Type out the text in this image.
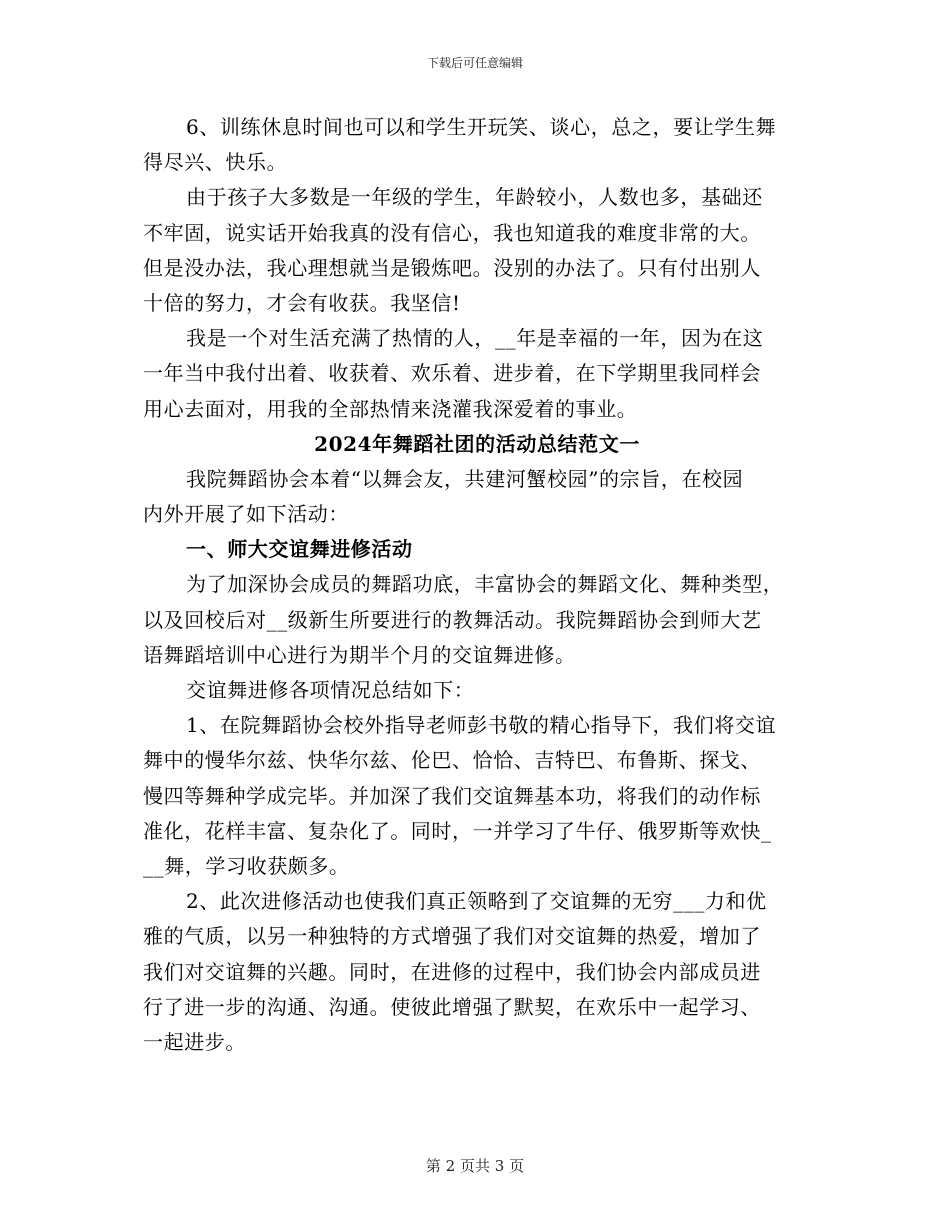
下载后可任意编辑
6、训练休息时间也可以和学生开玩笑、谈心，总之，要让学生舞
得尽兴、快乐。
由于孩子大多数是一年级的学生，年龄较小，人数也多，基础还
不牢固，说实话开始我真的没有信心，我也知道我的难度非常的大。
但是没办法，我心理想就当是锻炼吧。没别的办法了。只有付出别人
十倍的努力，才会有收获。我坚信!
我是一个对生活充满了热情的人，__年是幸福的一年，因为在这
一年当中我付出着、收获着、欢乐着、进步着，在下学期里我同样会
用心去面对，用我的全部热情来浇灌我深爱着的事业。
2024年舞蹈社团的活动总结范文一
我院舞蹈协会本着“以舞会友，共建河蟹校园”的宗旨，在校园
内外开展了如下活动：
一、师大交谊舞进修活动
为了加深协会成员的舞蹈功底，丰富协会的舞蹈文化、舞种类型，
以及回校后对__级新生所要进行的教舞活动。我院舞蹈协会到师大艺
语舞蹈培训中心进行为期半个月的交谊舞进修。
交谊舞进修各项情况总结如下：
1、在院舞蹈协会校外指导老师彭书敬的精心指导下，我们将交谊
舞中的慢华尔兹、快华尔兹、伦巴、恰恰、吉特巴、布鲁斯、探戈、
慢四等舞种学成完毕。并加深了我们交谊舞基本功，将我们的动作标
准化，花样丰富、复杂化了。同时，一并学习了牛仔、俄罗斯等欢快_
__舞，学习收获颇多。
2、此次进修活动也使我们真正领略到了交谊舞的无穷___力和优
雅的气质，以另一种独特的方式增强了我们对交谊舞的热爱，增加了
我们对交谊舞的兴趣。同时，在进修的过程中，我们协会内部成员进
行了进一步的沟通、沟通。使彼此增强了默契，在欢乐中一起学习、
一起进步。
第 2 页共 3 页
